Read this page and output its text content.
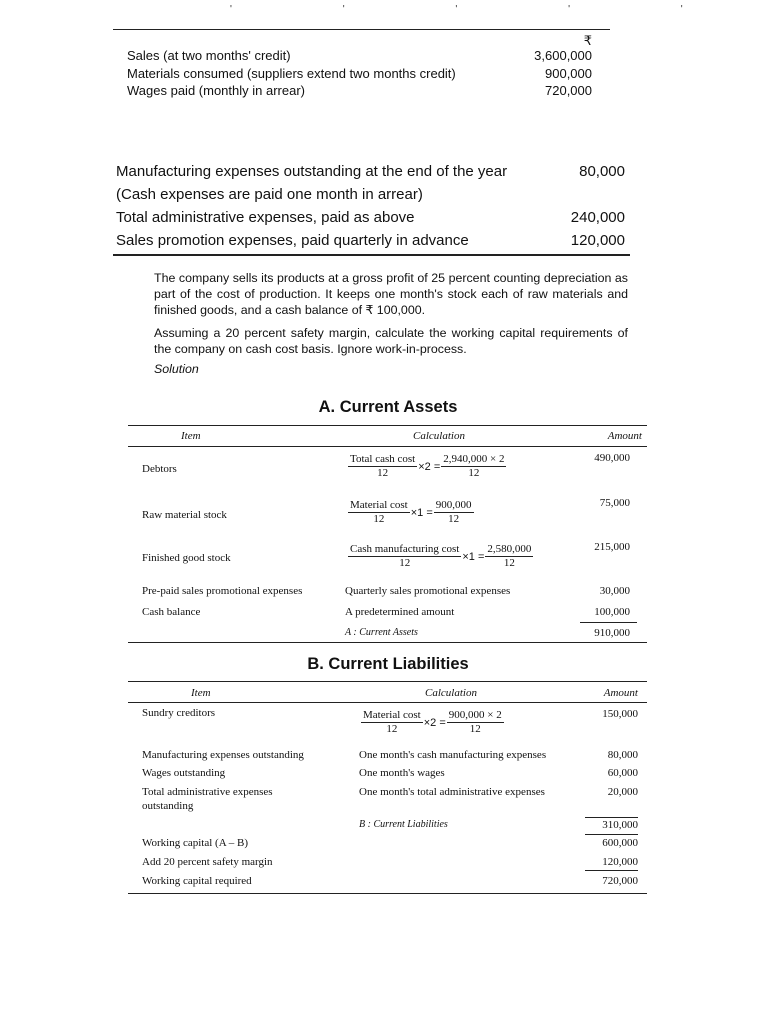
' ' ' ' '
₹
Sales (at two months' credit)	3,600,000
Materials consumed (suppliers extend two months credit)	900,000
Wages paid (monthly in arrear)	720,000
Manufacturing expenses outstanding at the end of the year	80,000
(Cash expenses are paid one month in arrear)
Total administrative expenses, paid as above	240,000
Sales promotion expenses, paid quarterly in advance	120,000
The company sells its products at a gross profit of 25 percent counting depreciation as part of the cost of production. It keeps one month's stock each of raw materials and finished goods, and a cash balance of ₹ 100,000.
Assuming a 20 percent safety margin, calculate the working capital requirements of the company on cash cost basis. Ignore work-in-process.
Solution
A. Current Assets
Item	Calculation	Amount
Debtors	$\frac{\text{Total cash cost}}{12} \times 2 = \frac{2,940,000 \times 2}{12}$	490,000
Raw material stock	$\frac{\text{Material cost}}{12} \times 1 = \frac{900,000}{12}$	75,000
Finished good stock	$\frac{\text{Cash manufacturing cost}}{12} \times 1 = \frac{2,580,000}{12}$	215,000
Pre-paid sales promotional expenses	Quarterly sales promotional expenses	30,000
Cash balance	A predetermined amount	100,000
A : Current Assets	910,000
B. Current Liabilities
Item	Calculation	Amount
Sundry creditors	$\frac{\text{Material cost}}{12} \times 2 = \frac{900,000 \times 2}{12}$	150,000
Manufacturing expenses outstanding	One month's cash manufacturing expenses	80,000
Wages outstanding	One month's wages	60,000
Total administrative expenses
outstanding
One month's total administrative expenses	20,000
B : Current Liabilities	310,000
Working capital (A – B)	600,000
Add 20 percent safety margin	120,000
Working capital required	720,000
